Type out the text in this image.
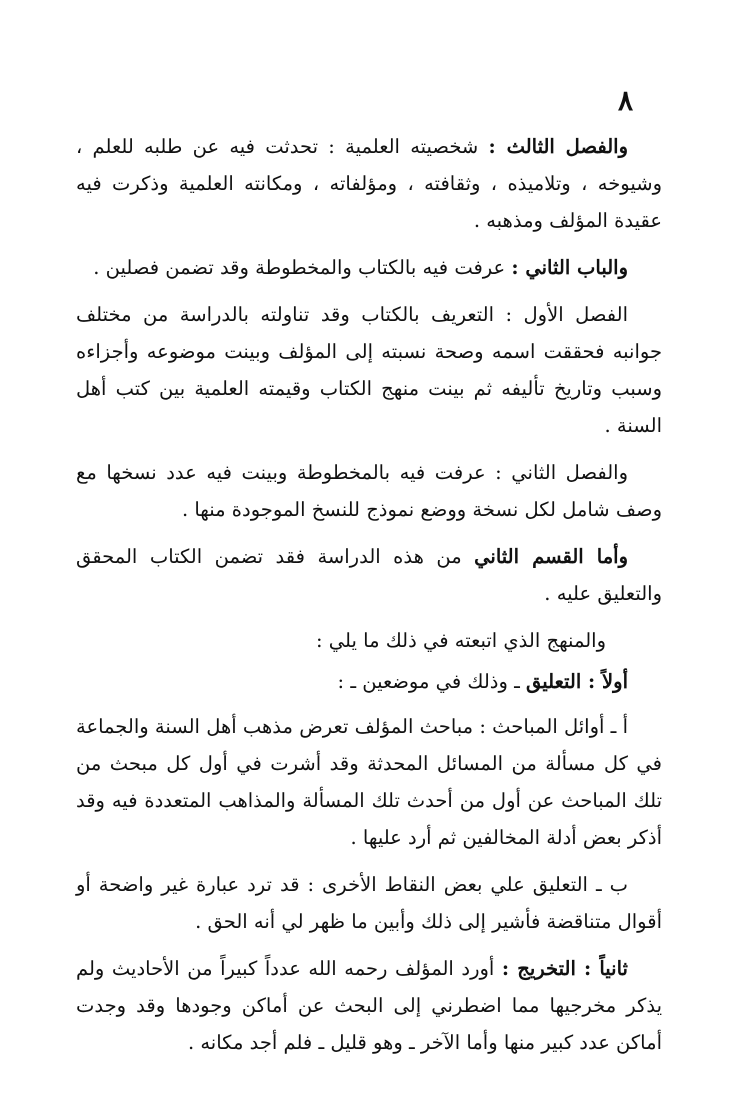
٨

والفصل الثالث : شخصيته العلمية : تحدثت فيه عن طلبه للعلم ، وشيوخه ، وتلاميذه ، وثقافته ، ومؤلفاته ، ومكانته العلمية وذكرت فيه عقيدة المؤلف ومذهبه .

والباب الثاني : عرفت فيه بالكتاب والمخطوطة وقد تضمن فصلين .

الفصل الأول : التعريف بالكتاب وقد تناولته بالدراسة من مختلف جوانبه فحققت اسمه وصحة نسبته إلى المؤلف وبينت موضوعه وأجزاءه وسبب وتاريخ تأليفه ثم بينت منهج الكتاب وقيمته العلمية بين كتب أهل السنة .

والفصل الثاني : عرفت فيه بالمخطوطة وبينت فيه عدد نسخها مع وصف شامل لكل نسخة ووضع نموذج للنسخ الموجودة منها .

وأما القسم الثاني من هذه الدراسة فقد تضمن الكتاب المحقق والتعليق عليه .

والمنهج الذي اتبعته في ذلك ما يلي :

أولاً : التعليق ـ وذلك في موضعين ـ :

أ ـ أوائل المباحث : مباحث المؤلف تعرض مذهب أهل السنة والجماعة في كل مسألة من المسائل المحدثة وقد أشرت في أول كل مبحث من تلك المباحث عن أول من أحدث تلك المسألة والمذاهب المتعددة فيه وقد أذكر بعض أدلة المخالفين ثم أرد عليها .

ب ـ التعليق علي بعض النقاط الأخرى : قد ترد عبارة غير واضحة أو أقوال متناقضة فأشير إلى ذلك وأبين ما ظهر لي أنه الحق .

ثانياً : التخريج : أورد المؤلف رحمه الله عدداً كبيراً من الأحاديث ولم يذكر مخرجيها مما اضطرني إلى البحث عن أماكن وجودها وقد وجدت أماكن عدد كبير منها وأما الآخر ـ وهو قليل ـ فلم أجد مكانه .
